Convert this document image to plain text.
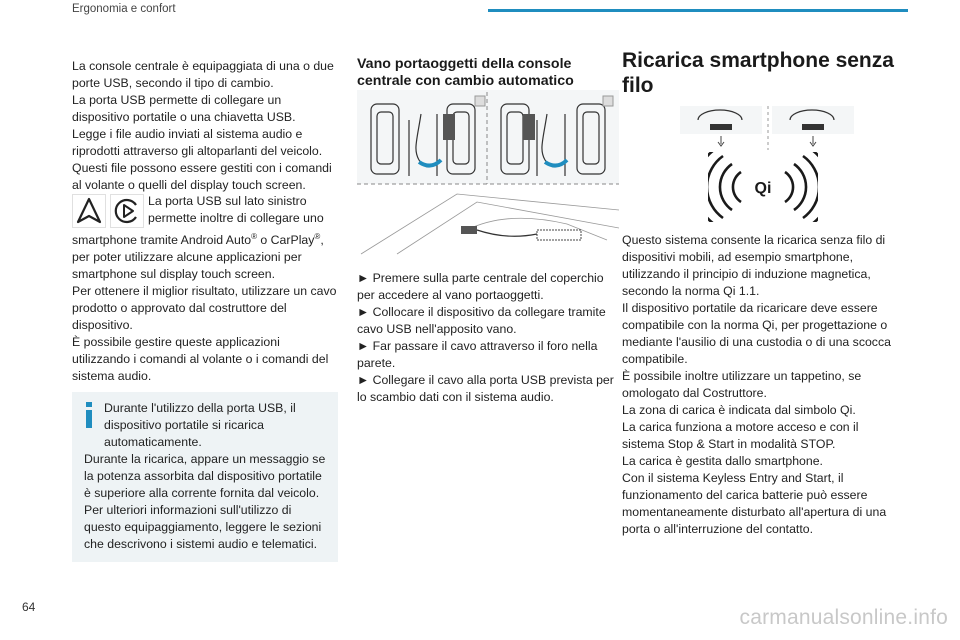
Ergonomia e confort

La console centrale è equipaggiata di una o due porte USB, secondo il tipo di cambio.

La porta USB permette di collegare un dispositivo portatile o una chiavetta USB.

Legge i file audio inviati al sistema audio e riprodotti attraverso gli altoparlanti del veicolo.

Questi file possono essere gestiti con i comandi al volante o quelli del display touch screen.

La porta USB sul lato sinistro
permette inoltre di collegare uno

smartphone tramite Android Auto® o CarPlay®,

per poter utilizzare alcune applicazioni per smartphone sul display touch screen.

Per ottenere il miglior risultato, utilizzare un cavo prodotto o approvato dal costruttore del dispositivo.

È possibile gestire queste applicazioni utilizzando i comandi al volante o i comandi del sistema audio.

Durante l'utilizzo della porta USB, il dispositivo portatile si ricarica automaticamente.

Durante la ricarica, appare un messaggio se la potenza assorbita dal dispositivo portatile è superiore alla corrente fornita dal veicolo.

Per ulteriori informazioni sull'utilizzo di questo equipaggiamento, leggere le sezioni che descrivono i sistemi audio e telematici.

Vano portaoggetti della console centrale con cambio automatico

► Premere sulla parte centrale del coperchio per accedere al vano portaoggetti.

► Collocare il dispositivo da collegare tramite cavo USB nell'apposito vano.

► Far passare il cavo attraverso il foro nella parete.

► Collegare il cavo alla porta USB prevista per lo scambio dati con il sistema audio.

Ricarica smartphone senza filo

Qi

Questo sistema consente la ricarica senza filo di dispositivi mobili, ad esempio smartphone, utilizzando il principio di induzione magnetica, secondo la norma Qi 1.1.

Il dispositivo portatile da ricaricare deve essere compatibile con la norma Qi, per progettazione o mediante l'ausilio di una custodia o di una scocca compatibile.

È possibile inoltre utilizzare un tappetino, se omologato dal Costruttore.

La zona di carica è indicata dal simbolo Qi.

La carica funziona a motore acceso e con il sistema Stop & Start in modalità STOP.

La carica è gestita dallo smartphone.

Con il sistema Keyless Entry and Start, il funzionamento del carica batterie può essere momentaneamente disturbato all'apertura di una porta o all'interruzione del contatto.

64	carmanualsonline.info
